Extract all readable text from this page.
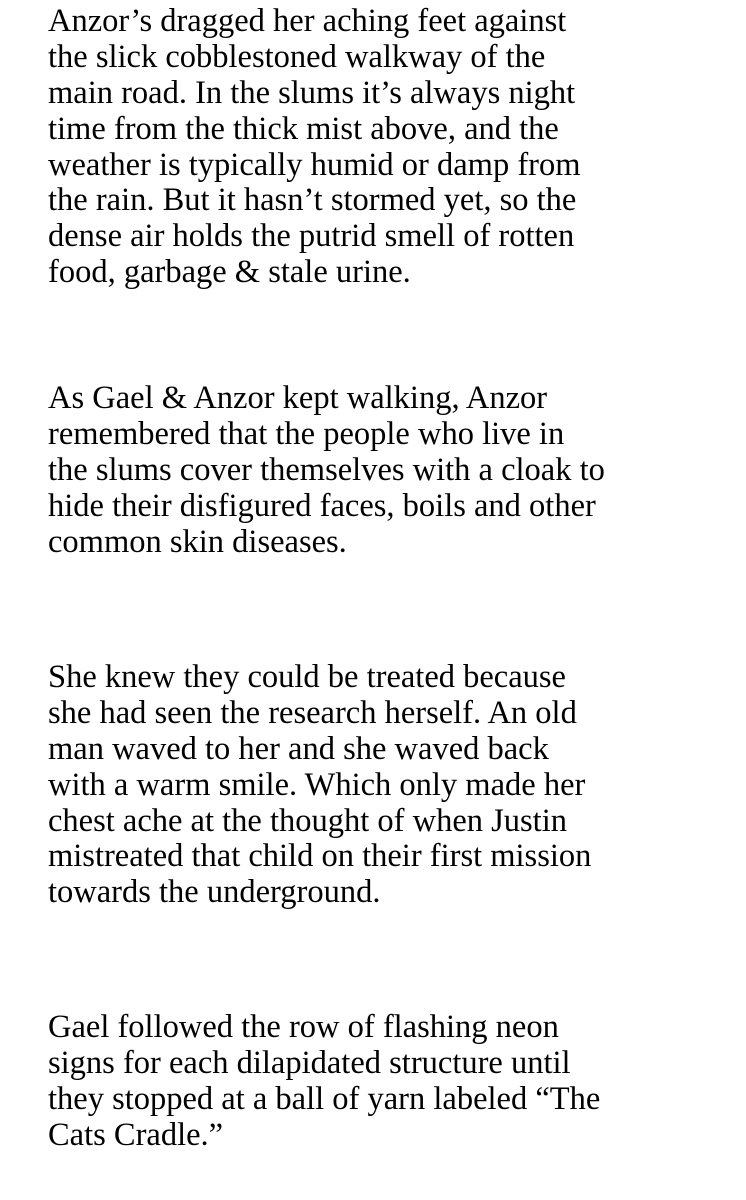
Anzor’s dragged her aching feet against
the slick cobblestoned walkway of the
main road. In the slums it’s always night
time from the thick mist above, and the
weather is typically humid or damp from
the rain. But it hasn’t stormed yet, so the
dense air holds the putrid smell of rotten
food, garbage & stale urine.
As Gael & Anzor kept walking, Anzor
remembered that the people who live in
the slums cover themselves with a cloak to
hide their disfigured faces, boils and other
common skin diseases.
She knew they could be treated because
she had seen the research herself. An old
man waved to her and she waved back
with a warm smile. Which only made her
chest ache at the thought of when Justin
mistreated that child on their first mission
towards the underground.
Gael followed the row of flashing neon
signs for each dilapidated structure until
they stopped at a ball of yarn labeled “The
Cats Cradle.”
